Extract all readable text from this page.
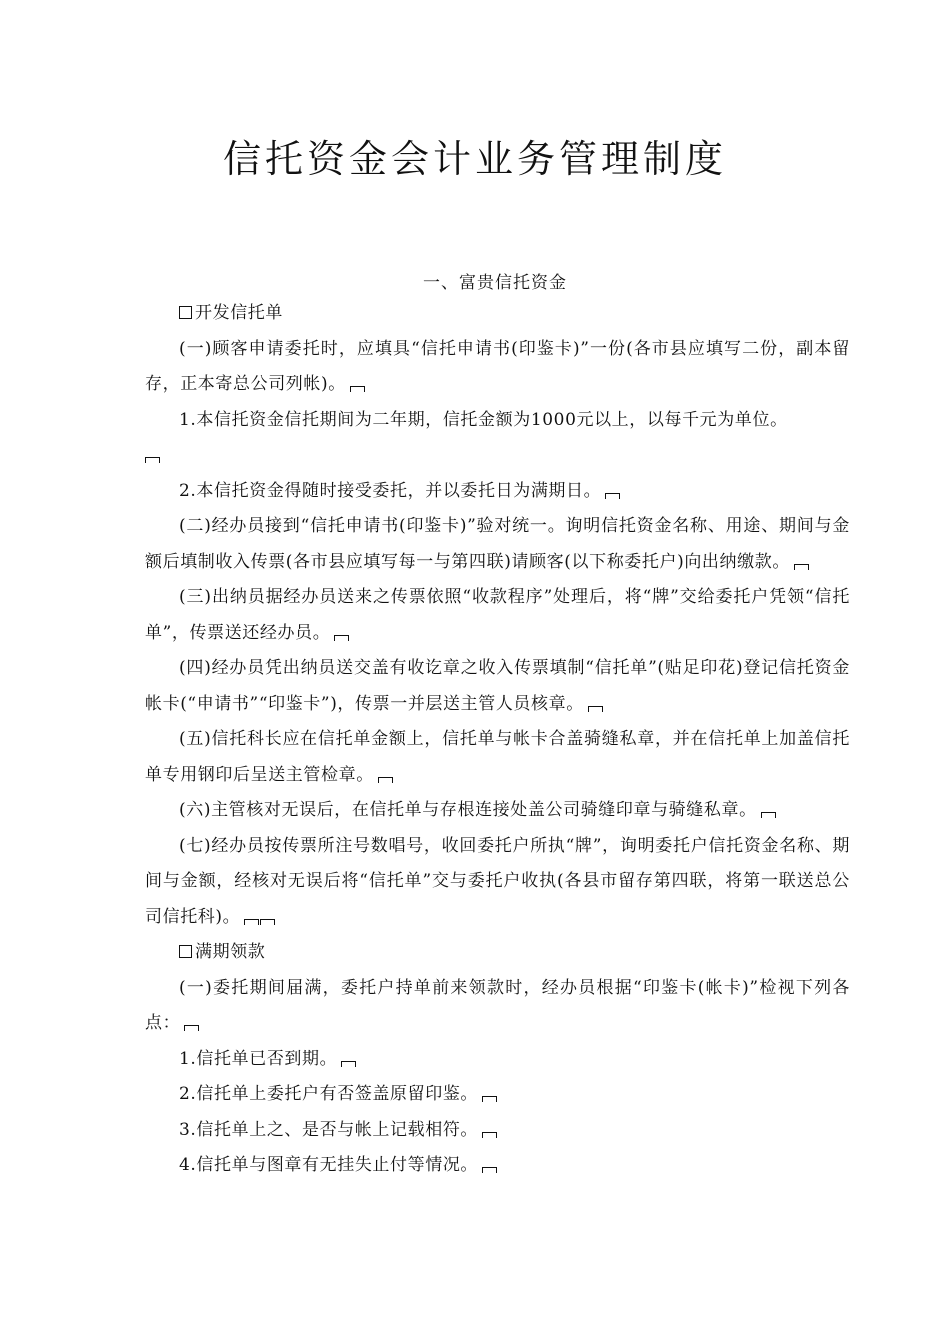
信托资金会计业务管理制度
一、富贵信托资金

开发信托单

(一)顾客申请委托时，应填具“信托申请书(印鉴卡)”一份(各市县应填写二份，副本留存，正本寄总公司列帐)。

1.本信托资金信托期间为二年期，信托金额为1000元以上，以每千元为单位。

2.本信托资金得随时接受委托，并以委托日为满期日。

(二)经办员接到“信托申请书(印鉴卡)”验对统一。询明信托资金名称、用途、期间与金额后填制收入传票(各市县应填写每一与第四联)请顾客(以下称委托户)向出纳缴款。

(三)出纳员据经办员送来之传票依照“收款程序”处理后，将“牌”交给委托户凭领“信托单”，传票送还经办员。

(四)经办员凭出纳员送交盖有收讫章之收入传票填制“信托单”(贴足印花)登记信托资金帐卡(“申请书”“印鉴卡”)，传票一并层送主管人员核章。

(五)信托科长应在信托单金额上，信托单与帐卡合盖骑缝私章，并在信托单上加盖信托单专用钢印后呈送主管检章。

(六)主管核对无误后，在信托单与存根连接处盖公司骑缝印章与骑缝私章。

(七)经办员按传票所注号数唱号，收回委托户所执“牌”，询明委托户信托资金名称、期间与金额，经核对无误后将“信托单”交与委托户收执(各县市留存第四联，将第一联送总公司信托科)。

满期领款

(一)委托期间届满，委托户持单前来领款时，经办员根据“印鉴卡(帐卡)”检视下列各点：

1.信托单已否到期。

2.信托单上委托户有否签盖原留印鉴。

3.信托单上之、是否与帐上记载相符。

4.信托单与图章有无挂失止付等情况。
